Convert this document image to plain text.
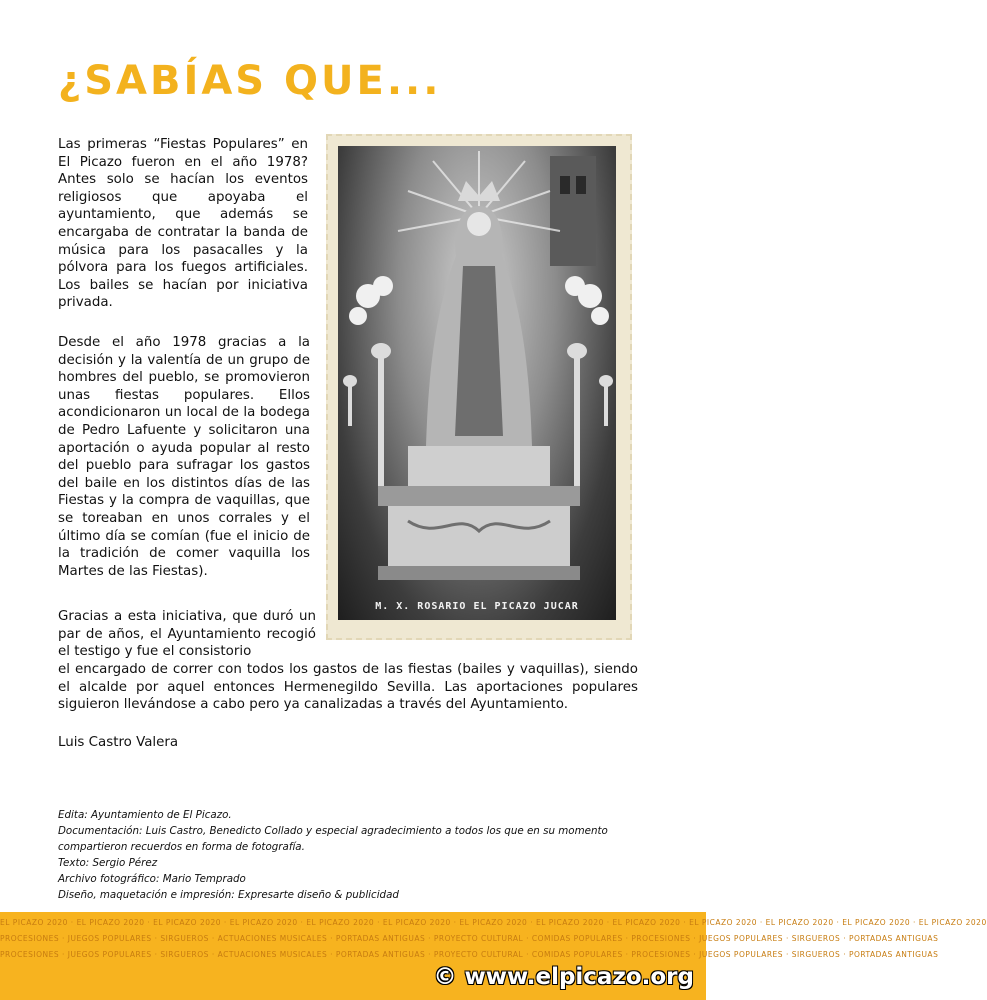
¿SABÍAS QUE...

Las primeras “Fiestas Populares” en El Picazo fueron en el año 1978? Antes solo se hacían los eventos religiosos que apoyaba el ayuntamiento, que además se encargaba de contratar la banda de música para los pasacalles y la pólvora para los fuegos artificiales. Los bailes se hacían por iniciativa privada.

M. X. ROSARIO EL PICAZO JUCAR

Desde el año 1978 gracias a la decisión y la valentía de un grupo de hombres del pueblo, se promovieron unas fiestas populares. Ellos acondicionaron un local de la bodega de Pedro Lafuente y solicitaron una aportación o ayuda popular al resto del pueblo para sufragar los gastos del baile en los distintos días de las Fiestas y la compra de vaquillas, que se toreaban en unos corrales y el último día se comían (fue el inicio de la tradición de comer vaquilla los Martes de las Fiestas).

Gracias a esta iniciativa, que duró un par de años, el Ayuntamiento recogió el testigo y fue el consistorio

el encargado de correr con todos los gastos de las fiestas (bailes y vaquillas), siendo el alcalde por aquel entonces Hermenegildo Sevilla. Las aportaciones populares siguieron llevándose a cabo pero ya canalizadas a través del Ayuntamiento.

Luis Castro Valera
Edita: Ayuntamiento de El Picazo.
Documentación: Luis Castro, Benedicto Collado y especial agradecimiento a todos los que en su momento compartieron recuerdos en forma de fotografía.
Texto: Sergio Pérez
Archivo fotográfico: Mario Temprado
Diseño, maquetación e impresión: Expresarte diseño & publicidad
EL PICAZO 2020 · EL PICAZO 2020 · EL PICAZO 2020 · EL PICAZO 2020 · EL PICAZO 2020 · EL PICAZO 2020 · EL PICAZO 2020 · EL PICAZO 2020 · EL PICAZO 2020 · EL PICAZO 2020 · EL PICAZO 2020 · EL PICAZO 2020 · EL PICAZO 2020
PROCESIONES · JUEGOS POPULARES · SIRGUEROS · ACTUACIONES MUSICALES · PORTADAS ANTIGUAS · PROYECTO CULTURAL · COMIDAS POPULARES · PROCESIONES · JUEGOS POPULARES · SIRGUEROS · PORTADAS ANTIGUAS
PROCESIONES · JUEGOS POPULARES · SIRGUEROS · ACTUACIONES MUSICALES · PORTADAS ANTIGUAS · PROYECTO CULTURAL · COMIDAS POPULARES · PROCESIONES · JUEGOS POPULARES · SIRGUEROS · PORTADAS ANTIGUAS
© www.elpicazo.org
